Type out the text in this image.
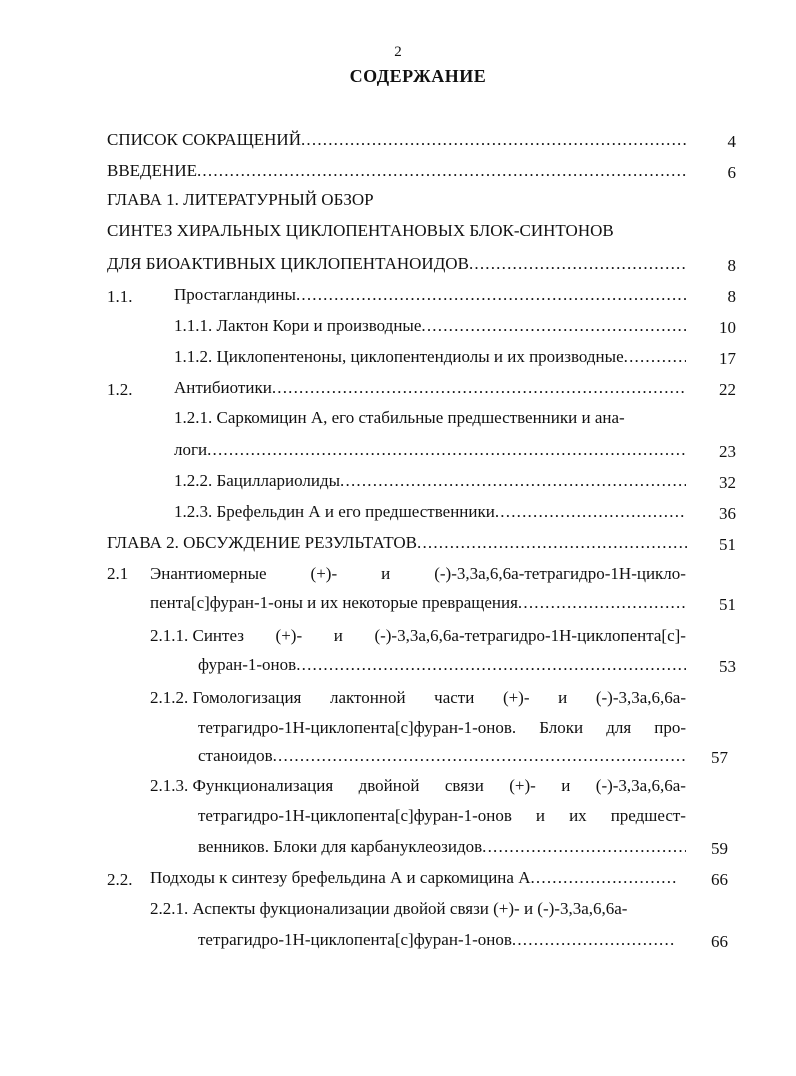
2
СОДЕРЖАНИЕ
СПИСОК СОКРАЩЕНИЙ .....	4
ВВЕДЕНИЕ .....	6
ГЛАВА 1. ЛИТЕРАТУРНЫЙ ОБЗОР
СИНТЕЗ ХИРАЛЬНЫХ ЦИКЛОПЕНТАНОВЫХ БЛОК-СИНТОНОВ
ДЛЯ БИОАКТИВНЫХ ЦИКЛОПЕНТАНОИДОВ .....	8
1.1. Простагландины .....	8
1.1.1. Лактон Кори и производные .....	10
1.1.2. Циклопентеноны, циклопентендиолы и их производные .....	17
1.2. Антибиотики .....	22
1.2.1. Саркомицин А, его стабильные предшественники и ана-
логи .....	23
1.2.2. Бациллариолиды .....	32
1.2.3. Брефельдин А и его предшественники .....	36
ГЛАВА 2. ОБСУЖДЕНИЕ РЕЗУЛЬТАТОВ .....	51
2.1 Энантиомерные	(+)-	и	(-)-3,3a,6,6a-тетрагидро-1H-цикло-
пента[c]фуран-1-оны и их некоторые превращения .....	51
2.1.1. Синтез (+)- и (-)-3,3a,6,6a-тетрагидро-1H-циклопента[c]-
фуран-1-онов .....	53
2.1.2. Гомологизация лактонной части (+)- и (-)-3,3a,6,6a-
тетрагидро-1H-циклопента[c]фуран-1-онов. Блоки для про-
станоидов .....	57
2.1.3. Функционализация двойной связи (+)- и (-)-3,3a,6,6a-
тетрагидро-1H-циклопента[c]фуран-1-онов и их предшест-
венников. Блоки для карбануклеозидов .....	59
2.2. Подходы к синтезу брефельдина А и саркомицина А .....	66
2.2.1. Аспекты фукционализации двойой связи (+)- и (-)-3,3a,6,6a-
тетрагидро-1H-циклопента[c]фуран-1-онов .....	66
